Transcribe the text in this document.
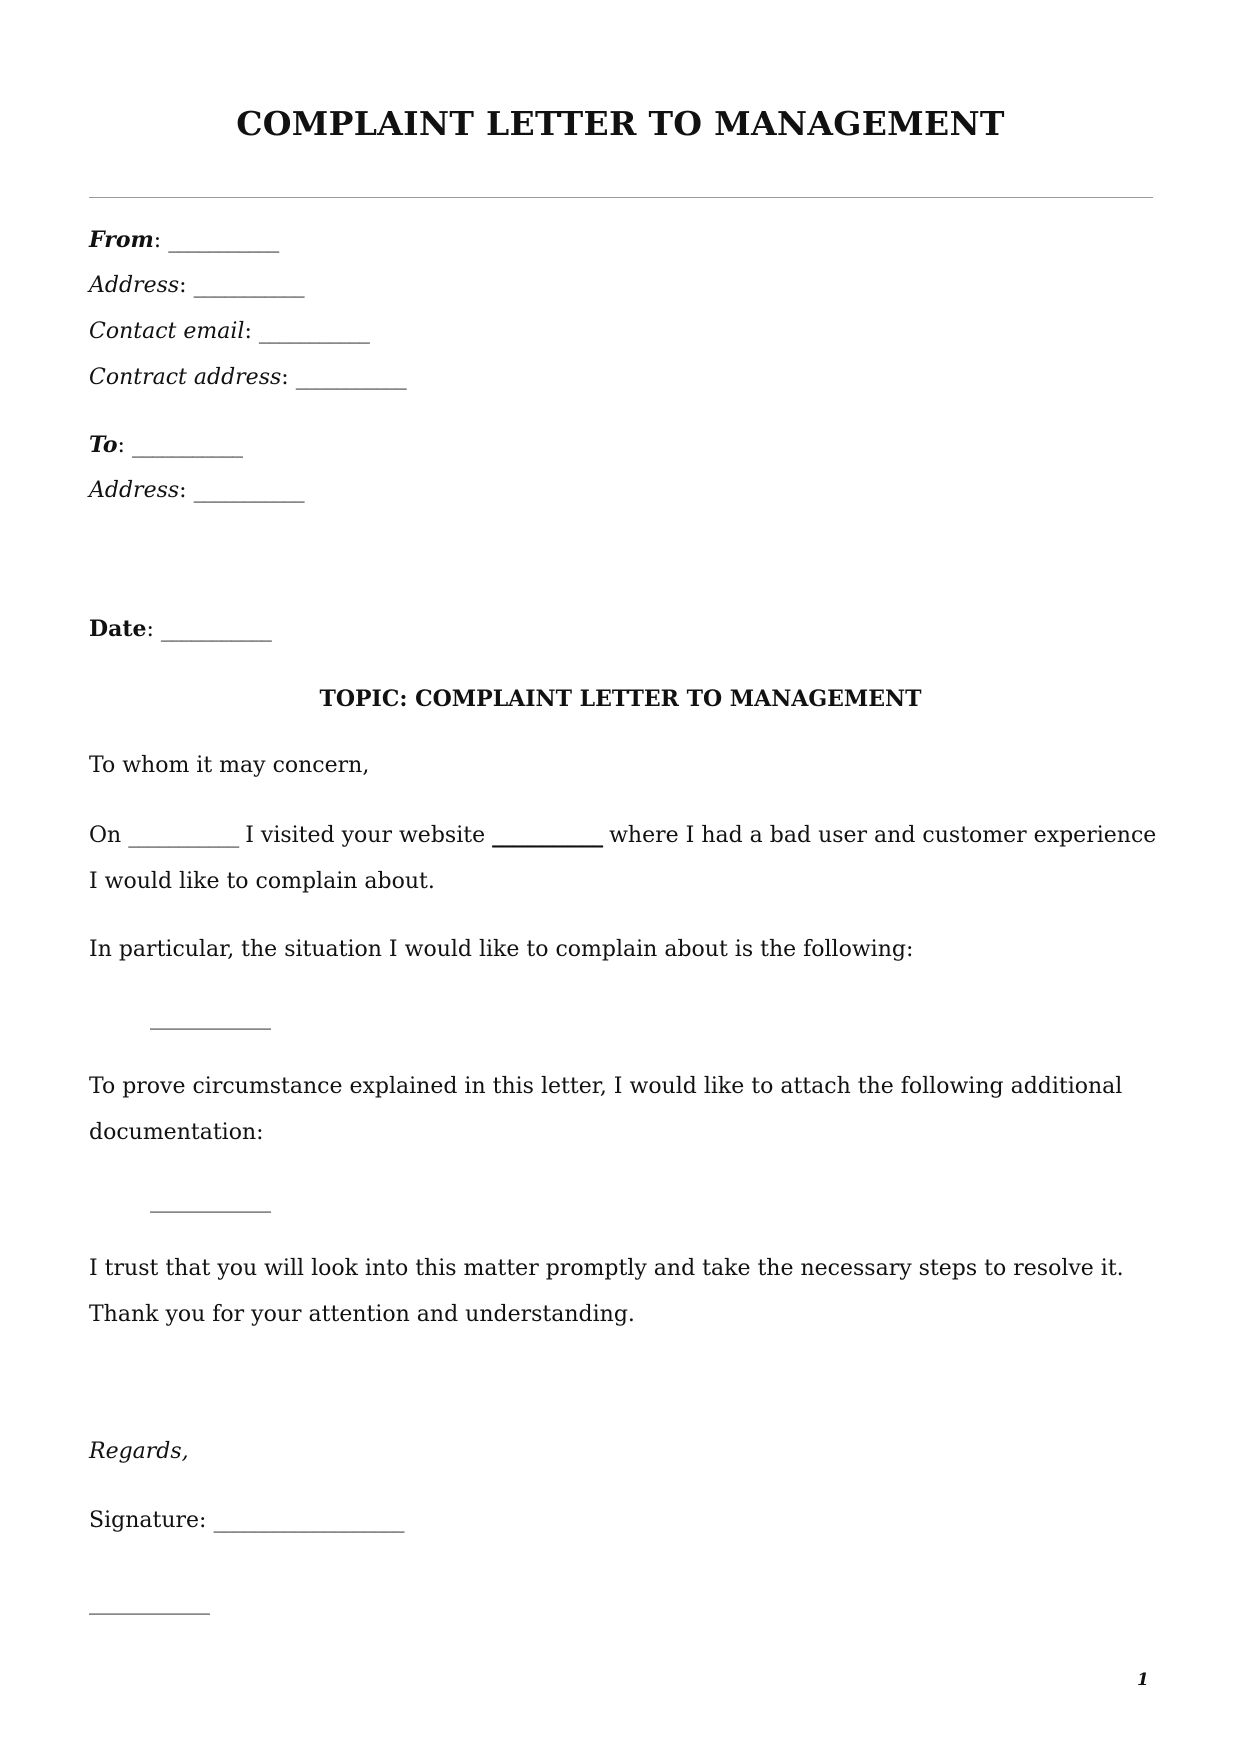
COMPLAINT LETTER TO MANAGEMENT
From: ___________
Address: ___________
Contact email: ___________
Contract address: ___________
To: ___________
Address: ___________
Date: ___________
TOPIC: COMPLAINT LETTER TO MANAGEMENT
To whom it may concern,
On ___________ I visited your website ___________ where I had a bad user and customer experience I would like to complain about.
In particular, the situation I would like to complain about is the following:
___________
To prove circumstance explained in this letter, I would like to attach the following additional documentation:
___________
I trust that you will look into this matter promptly and take the necessary steps to resolve it. Thank you for your attention and understanding.
Regards,
Signature: ___________________
___________
1
